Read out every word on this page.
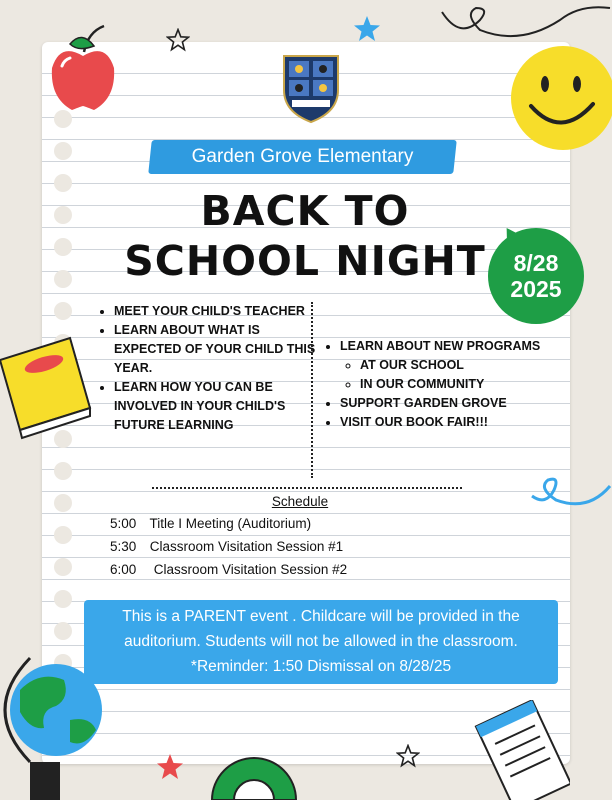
Garden Grove Elementary
BACK TO
SCHOOL NIGHT	8/28
2025
• MEET YOUR CHILD'S TEACHER
• LEARN ABOUT WHAT IS EXPECTED OF YOUR CHILD THIS YEAR.
• LEARN HOW YOU CAN BE INVOLVED IN YOUR CHILD'S FUTURE LEARNING
• LEARN ABOUT NEW PROGRAMS
◦ AT OUR SCHOOL
◦ IN OUR COMMUNITY
• SUPPORT GARDEN GROVE
• VISIT OUR BOOK FAIR!!!
Schedule
5:00 Title I Meeting (Auditorium)
5:30 Classroom Visitation Session #1
6:00 Classroom Visitation Session #2
This is a PARENT event . Childcare will be provided in the
auditorium. Students will not be allowed in the classroom.
*Reminder: 1:50 Dismissal on 8/28/25
